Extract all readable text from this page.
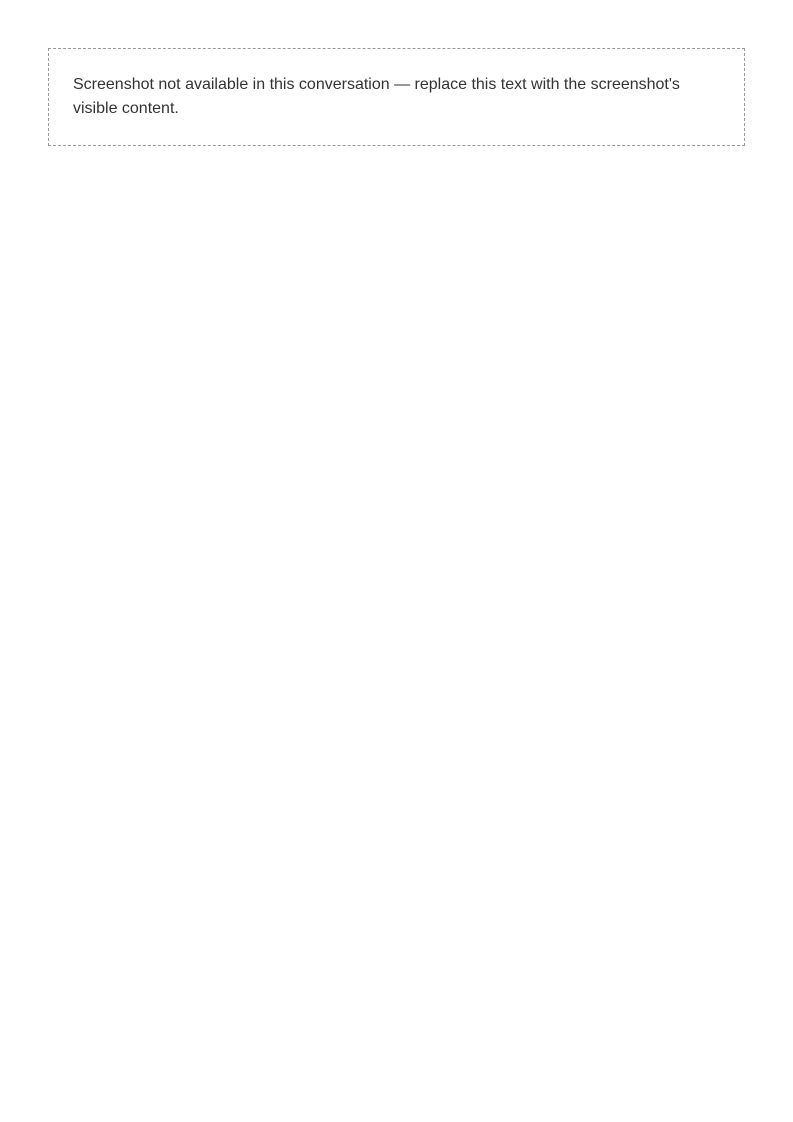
Screenshot not available in this conversation — replace this text with the screenshot's visible content.
